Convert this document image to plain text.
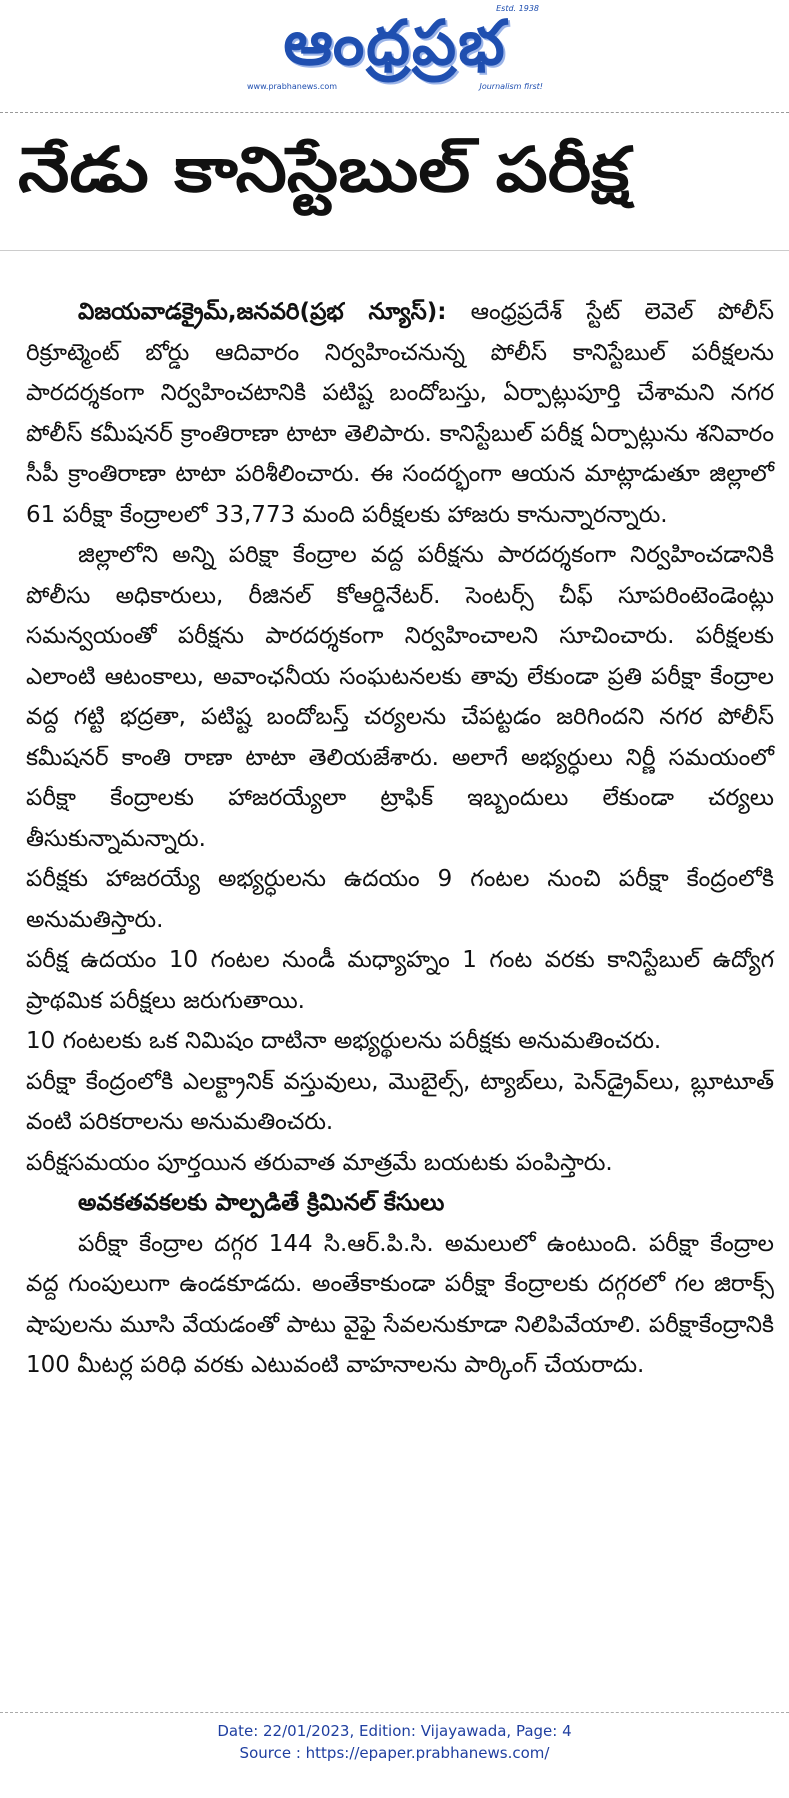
ఆంధ్రప్రభ
Estd. 1938
www.prabhanews.com	Journalism first!
నేడు కానిస్టేబుల్ పరీక్ష

విజయవాడక్రైమ్,జనవరి(ప్రభ న్యూస్): ఆంధ్రప్రదేశ్ స్టేట్ లెవెల్ పోలీస్ రిక్రూట్మెంట్ బోర్డు ఆదివారం నిర్వహించనున్న పోలీస్ కానిస్టేబుల్ పరీక్షలను పారదర్శకంగా నిర్వహించటానికి పటిష్ట బందోబస్తు, ఏర్పాట్లుపూర్తి చేశామని నగర పోలీస్ కమీషనర్ క్రాంతిరాణా టాటా తెలిపారు. కానిస్టేబుల్ పరీక్ష ఏర్పాట్లును శనివారం సీపీ క్రాంతిరాణా టాటా పరిశీలించారు. ఈ సందర్భంగా ఆయన మాట్లాడుతూ జిల్లాలో 61 పరీక్షా కేంద్రాలలో 33,773 మంది పరీక్షలకు హాజరు కానున్నారన్నారు.

జిల్లాలోని అన్ని పరిక్షా కేంద్రాల వద్ద పరీక్షను పారదర్శకంగా నిర్వహించడానికి పోలీసు అధికారులు, రీజినల్ కోఆర్డినేటర్. సెంటర్స్ చీఫ్ సూపరింటెండెంట్లు సమన్వయంతో పరీక్షను పారదర్శకంగా నిర్వహించాలని సూచించారు. పరీక్షలకు ఎలాంటి ఆటంకాలు, అవాంఛనీయ సంఘటనలకు తావు లేకుండా ప్రతి పరీక్షా కేంద్రాల వద్ద గట్టి భద్రతా, పటిష్ట బందోబస్త్ చర్యలను చేపట్టడం జరిగిందని నగర పోలీస్ కమీషనర్ కాంతి రాణా టాటా తెలియజేశారు. అలాగే అభ్యర్ధులు నిర్ణీ సమయంలో పరీక్షా కేంద్రాలకు హాజరయ్యేలా ట్రాఫిక్ ఇబ్బందులు లేకుండా చర్యలు తీసుకున్నామన్నారు.

పరీక్షకు హాజరయ్యే అభ్యర్ధులను ఉదయం 9 గంటల నుంచి పరీక్షా కేంద్రంలోకి అనుమతిస్తారు.

పరీక్ష ఉదయం 10 గంటల నుండీ మధ్యాహ్నం 1 గంట వరకు కానిస్టేబుల్ ఉద్యోగ ప్రాథమిక పరీక్షలు జరుగుతాయి.

10 గంటలకు ఒక నిమిషం దాటినా అభ్యర్థులను పరీక్షకు అనుమతించరు.

పరీక్షా కేంద్రంలోకి ఎలక్ట్రానిక్ వస్తువులు, మొబైల్స్, ట్యాబ్‌లు, పెన్‌డ్రైవ్‌లు, బ్లూటూత్ వంటి పరికరాలను అనుమతించరు.

పరీక్షసమయం పూర్తయిన తరువాత మాత్రమే బయటకు పంపిస్తారు.

అవకతవకలకు పాల్పడితే క్రిమినల్ కేసులు

పరీక్షా కేంద్రాల దగ్గర 144 సి.ఆర్.పి.సి. అమలులో ఉంటుంది. పరీక్షా కేంద్రాల వద్ద గుంపులుగా ఉండకూడదు. అంతేకాకుండా పరీక్షా కేంద్రాలకు దగ్గరలో గల జిరాక్స్ షాపులను మూసి వేయడంతో పాటు వైఫై సేవలనుకూడా నిలిపివేయాలి. పరీక్షాకేంద్రానికి 100 మీటర్ల పరిధి వరకు ఎటువంటి వాహనాలను పార్కింగ్ చేయరాదు.

Date: 22/01/2023, Edition: Vijayawada, Page: 4
Source : https://epaper.prabhanews.com/
